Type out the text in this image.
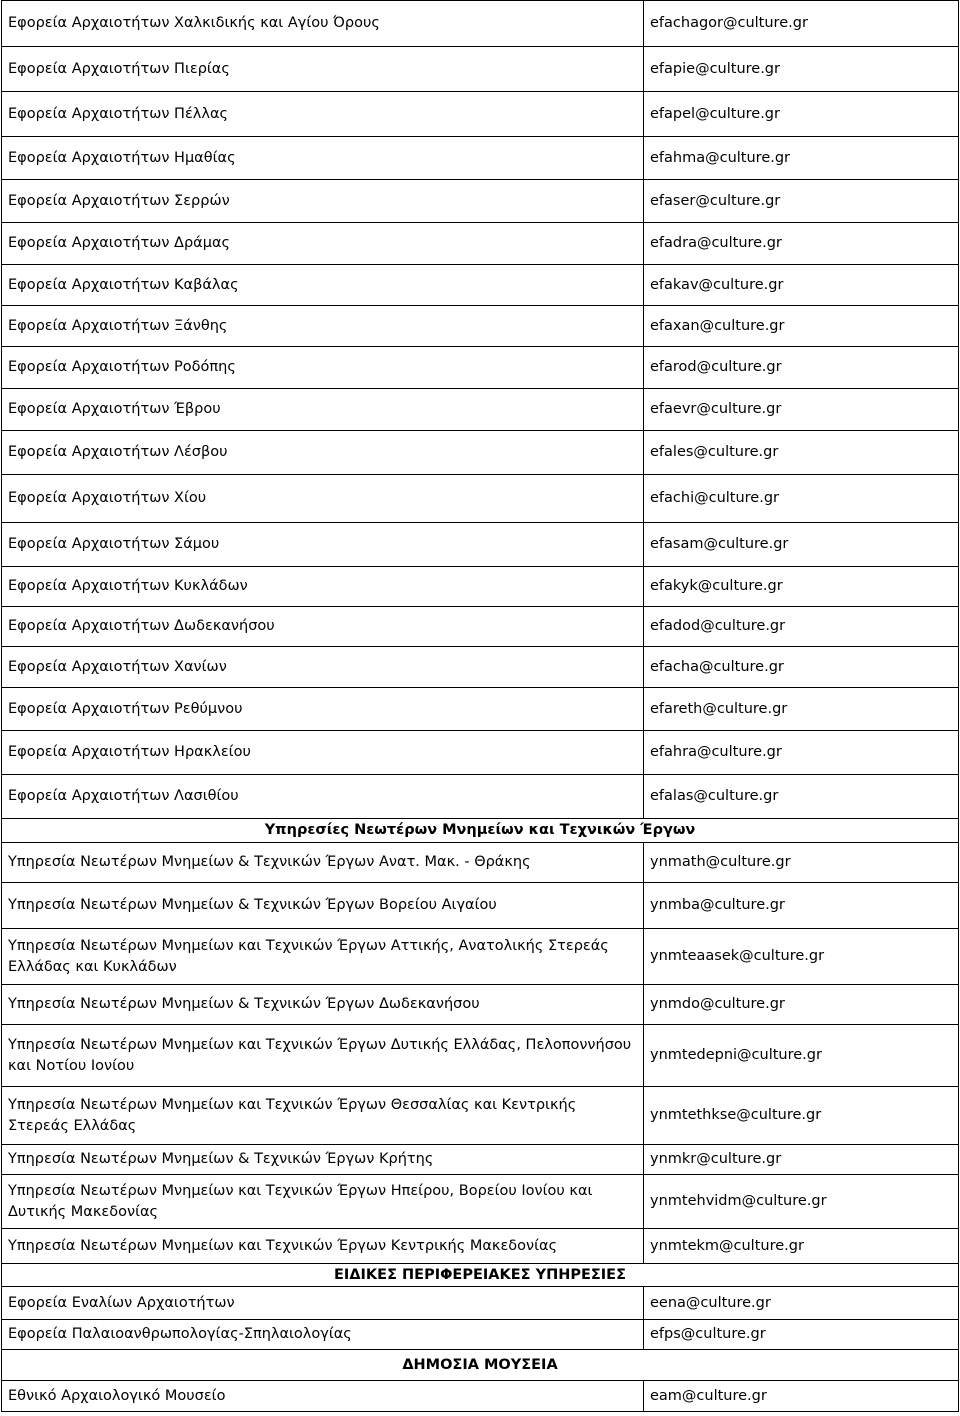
Εφορεία Αρχαιοτήτων Χαλκιδικής και Αγίου Όρους	efachagor@culture.gr
Εφορεία Αρχαιοτήτων Πιερίας	efapie@culture.gr
Εφορεία Αρχαιοτήτων Πέλλας	efapel@culture.gr
Εφορεία Αρχαιοτήτων Ημαθίας	efahma@culture.gr
Εφορεία Αρχαιοτήτων Σερρών	efaser@culture.gr
Εφορεία Αρχαιοτήτων Δράμας	efadra@culture.gr
Εφορεία Αρχαιοτήτων Καβάλας	efakav@culture.gr
Εφορεία Αρχαιοτήτων Ξάνθης	efaxan@culture.gr
Εφορεία Αρχαιοτήτων Ροδόπης	efarod@culture.gr
Εφορεία Αρχαιοτήτων Έβρου	efaevr@culture.gr
Εφορεία Αρχαιοτήτων Λέσβου	efales@culture.gr
Εφορεία Αρχαιοτήτων Χίου	efachi@culture.gr
Εφορεία Αρχαιοτήτων Σάμου	efasam@culture.gr
Εφορεία Αρχαιοτήτων Κυκλάδων	efakyk@culture.gr
Εφορεία Αρχαιοτήτων Δωδεκανήσου	efadod@culture.gr
Εφορεία Αρχαιοτήτων Χανίων	efacha@culture.gr
Εφορεία Αρχαιοτήτων Ρεθύμνου	efareth@culture.gr
Εφορεία Αρχαιοτήτων Ηρακλείου	efahra@culture.gr
Εφορεία Αρχαιοτήτων Λασιθίου	efalas@culture.gr
Υπηρεσίες Νεωτέρων Μνημείων και Τεχνικών Έργων	
Υπηρεσία Νεωτέρων Μνημείων & Τεχνικών Έργων Ανατ. Μακ. - Θράκης	ynmath@culture.gr
Υπηρεσία Νεωτέρων Μνημείων & Τεχνικών Έργων Βορείου Αιγαίου	ynmba@culture.gr
Υπηρεσία Νεωτέρων Μνημείων και Τεχνικών Έργων Αττικής, Ανατολικής Στερεάς Ελλάδας και Κυκλάδων	ynmteaasek@culture.gr
Υπηρεσία Νεωτέρων Μνημείων & Τεχνικών Έργων Δωδεκανήσου	ynmdo@culture.gr
Υπηρεσία Νεωτέρων Μνημείων και Τεχνικών Έργων Δυτικής Ελλάδας, Πελοποννήσου και Νοτίου Ιονίου	ynmtedepni@culture.gr
Υπηρεσία Νεωτέρων Μνημείων και Τεχνικών Έργων Θεσσαλίας και Κεντρικής Στερεάς Ελλάδας	ynmtethkse@culture.gr
Υπηρεσία Νεωτέρων Μνημείων & Τεχνικών Έργων Κρήτης	ynmkr@culture.gr
Υπηρεσία Νεωτέρων Μνημείων και Τεχνικών Έργων Ηπείρου, Βορείου Ιονίου και Δυτικής Μακεδονίας	ynmtehvidm@culture.gr
Υπηρεσία Νεωτέρων Μνημείων και Τεχνικών Έργων Κεντρικής Μακεδονίας	ynmtekm@culture.gr
ΕΙΔΙΚΕΣ ΠΕΡΙΦΕΡΕΙΑΚΕΣ ΥΠΗΡΕΣΙΕΣ	
Εφορεία Εναλίων Αρχαιοτήτων	eena@culture.gr
Εφορεία Παλαιοανθρωπολογίας-Σπηλαιολογίας	efps@culture.gr
ΔΗΜΟΣΙΑ ΜΟΥΣΕΙΑ	
Εθνικό Αρχαιολογικό Μουσείο	eam@culture.gr
